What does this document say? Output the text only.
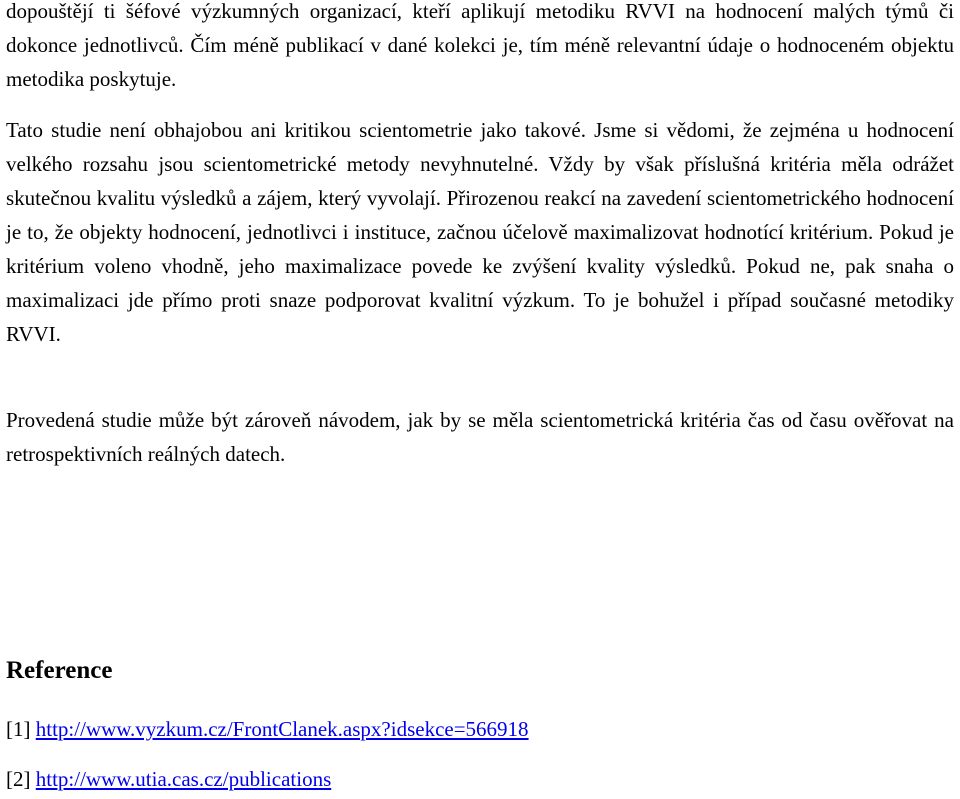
dopouštějí ti šéfové výzkumných organizací, kteří aplikují metodiku RVVI na hodnocení malých týmů či dokonce jednotlivců. Čím méně publikací v dané kolekci je, tím méně relevantní údaje o hodnoceném objektu metodika poskytuje.

Tato studie není obhajobou ani kritikou scientometrie jako takové. Jsme si vědomi, že zejména u hodnocení velkého rozsahu jsou scientometrické metody nevyhnutelné. Vždy by však příslušná kritéria měla odrážet skutečnou kvalitu výsledků a zájem, který vyvolají. Přirozenou reakcí na zavedení scientometrického hodnocení je to, že objekty hodnocení, jednotlivci i instituce, začnou účelově maximalizovat hodnotící kritérium. Pokud je kritérium voleno vhodně, jeho maximalizace povede ke zvýšení kvality výsledků. Pokud ne, pak snaha o maximalizaci jde přímo proti snaze podporovat kvalitní výzkum. To je bohužel i případ současné metodiky RVVI.

Provedená studie může být zároveň návodem, jak by se měla scientometrická kritéria čas od času ověřovat na retrospektivních reálných datech.

Reference

[1] http://www.vyzkum.cz/FrontClanek.aspx?idsekce=566918

[2] http://www.utia.cas.cz/publications
